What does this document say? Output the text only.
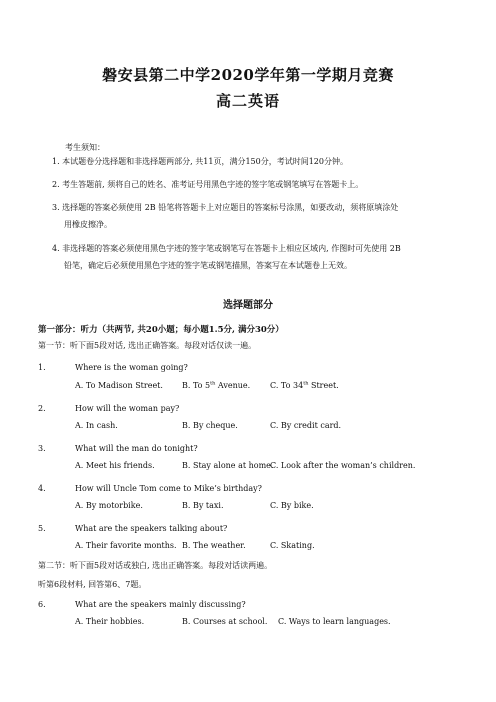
磐安县第二中学2020学年第一学期月竞赛
高二英语
考生须知：
1. 本试题卷分选择题和非选择题两部分, 共11页，满分150分，考试时间120分钟。
2. 考生答题前, 须将自己的姓名、准考证号用黑色字迹的签字笔或钢笔填写在答题卡上。
3. 选择题的答案必须使用 2B 铅笔将答题卡上对应题目的答案标号涂黑，如要改动，须将原填涂处
用橡皮擦净。
4. 非选择题的答案必须使用黑色字迹的签字笔或钢笔写在答题卡上相应区域内, 作图时可先使用 2B
铅笔，确定后必须使用黑色字迹的签字笔或钢笔描黑，答案写在本试题卷上无效。
选择题部分
第一部分：听力（共两节, 共20小题；每小题1.5分, 满分30分）
第一节：听下面5段对话, 选出正确答案。每段对话仅读一遍。
1.	Where is the woman going?
A. To Madison Street. B. To 5th Avenue. C. To 34th Street.
2.	How will the woman pay?
A. In cash.	B. By cheque.	C. By credit card.
3.	What will the man do tonight?
A. Meet his friends.	B. Stay alone at home.
C. Look after the woman’s children.
4.	How will Uncle Tom come to Mike’s birthday?
A. By motorbike.	B. By taxi.	C. By bike.
5.	What are the speakers talking about?
A. Their favorite months. B. The weather.	C. Skating.
第二节：听下面5段对话或独白, 选出正确答案。每段对话读两遍。
听第6段材料, 回答第6、7题。
6.	What are the speakers mainly discussing?
A. Their hobbies.	B. Courses at school. C. Ways to learn languages.
